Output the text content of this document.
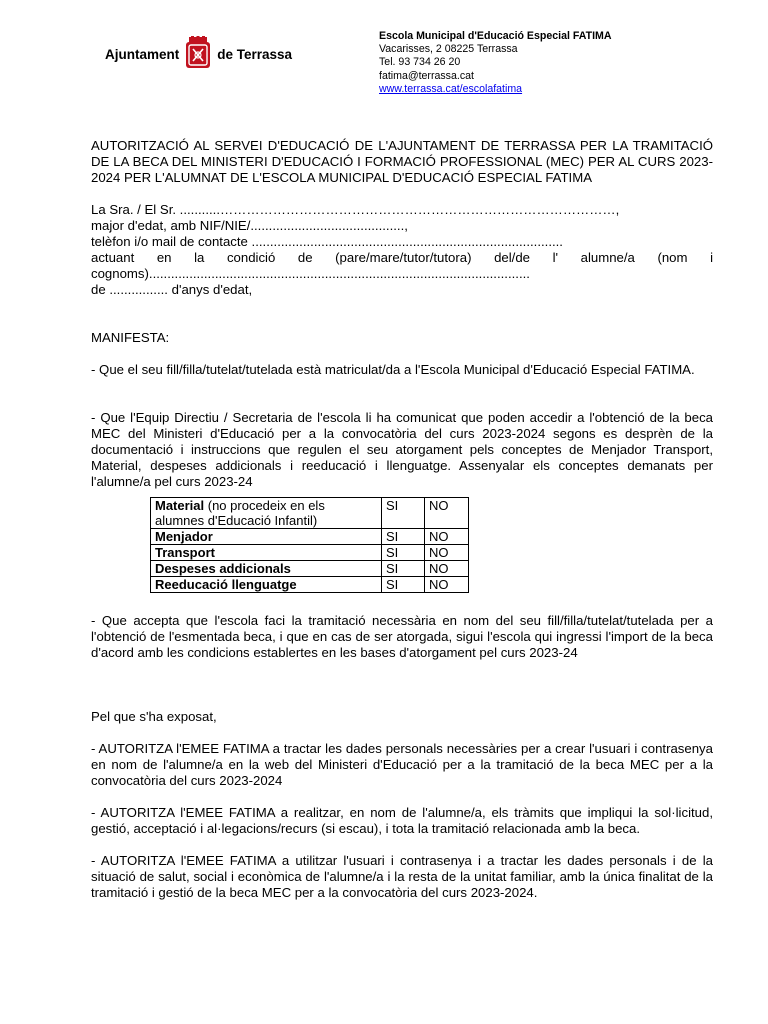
Ajuntament	de Terrassa
Escola Municipal d'Educació Especial FATIMA
Vacarisses, 2 08225 Terrassa
Tel. 93 734 26 20
fatima@terrassa.cat
www.terrassa.cat/escolafatima

AUTORITZACIÓ AL SERVEI D'EDUCACIÓ DE L'AJUNTAMENT DE TERRASSA PER LA TRAMITACIÓ DE LA BECA DEL MINISTERI D'EDUCACIÓ I FORMACIÓ PROFESSIONAL (MEC) PER AL CURS 2023-2024 PER L'ALUMNAT DE L'ESCOLA MUNICIPAL D'EDUCACIÓ ESPECIAL FATIMA

La Sra. / El Sr. ...........………………………………………………………………………………,

major d'edat, amb NIF/NIE/..........................................,

telèfon i/o mail de contacte .....................................................................................

actuant en la condició de (pare/mare/tutor/tutora) del/de l' alumne/a (nom i

cognoms)........................................................................................................

de ................ d'anys d'edat,

MANIFESTA:

- Que el seu fill/filla/tutelat/tutelada està matriculat/da a l'Escola Municipal d'Educació Especial FATIMA.

- Que l'Equip Directiu / Secretaria de l'escola li ha comunicat que poden accedir a l'obtenció de la beca MEC del Ministeri d'Educació per a la convocatòria del curs 2023-2024 segons es desprèn de la documentació i instruccions que regulen el seu atorgament pels conceptes de Menjador Transport, Material, despeses addicionals i reeducació i llenguatge. Assenyalar els conceptes demanats per l'alumne/a pel curs 2023-24

Material (no procedeix en els alumnes d'Educació Infantil)	SI	NO
Menjador	SI	NO
Transport	SI	NO
Despeses addicionals	SI	NO
Reeducació llenguatge	SI	NO

- Que accepta que l'escola faci la tramitació necessària en nom del seu fill/filla/tutelat/tutelada per a l'obtenció de l'esmentada beca, i que en cas de ser atorgada, sigui l'escola qui ingressi l'import de la beca d'acord amb les condicions establertes en les bases d'atorgament pel curs 2023-24

Pel que s'ha exposat,

- AUTORITZA l'EMEE FATIMA a tractar les dades personals necessàries per a crear l'usuari i contrasenya en nom de l'alumne/a en la web del Ministeri d'Educació per a la tramitació de la beca MEC per a la convocatòria del curs 2023-2024

- AUTORITZA l'EMEE FATIMA a realitzar, en nom de l'alumne/a, els tràmits que impliqui la sol·licitud, gestió, acceptació i al·legacions/recurs (si escau), i tota la tramitació relacionada amb la beca.

- AUTORITZA l'EMEE FATIMA a utilitzar l'usuari i contrasenya i a tractar les dades personals i de la situació de salut, social i econòmica de l'alumne/a i la resta de la unitat familiar, amb la única finalitat de la tramitació i gestió de la beca MEC per a la convocatòria del curs 2023-2024.
